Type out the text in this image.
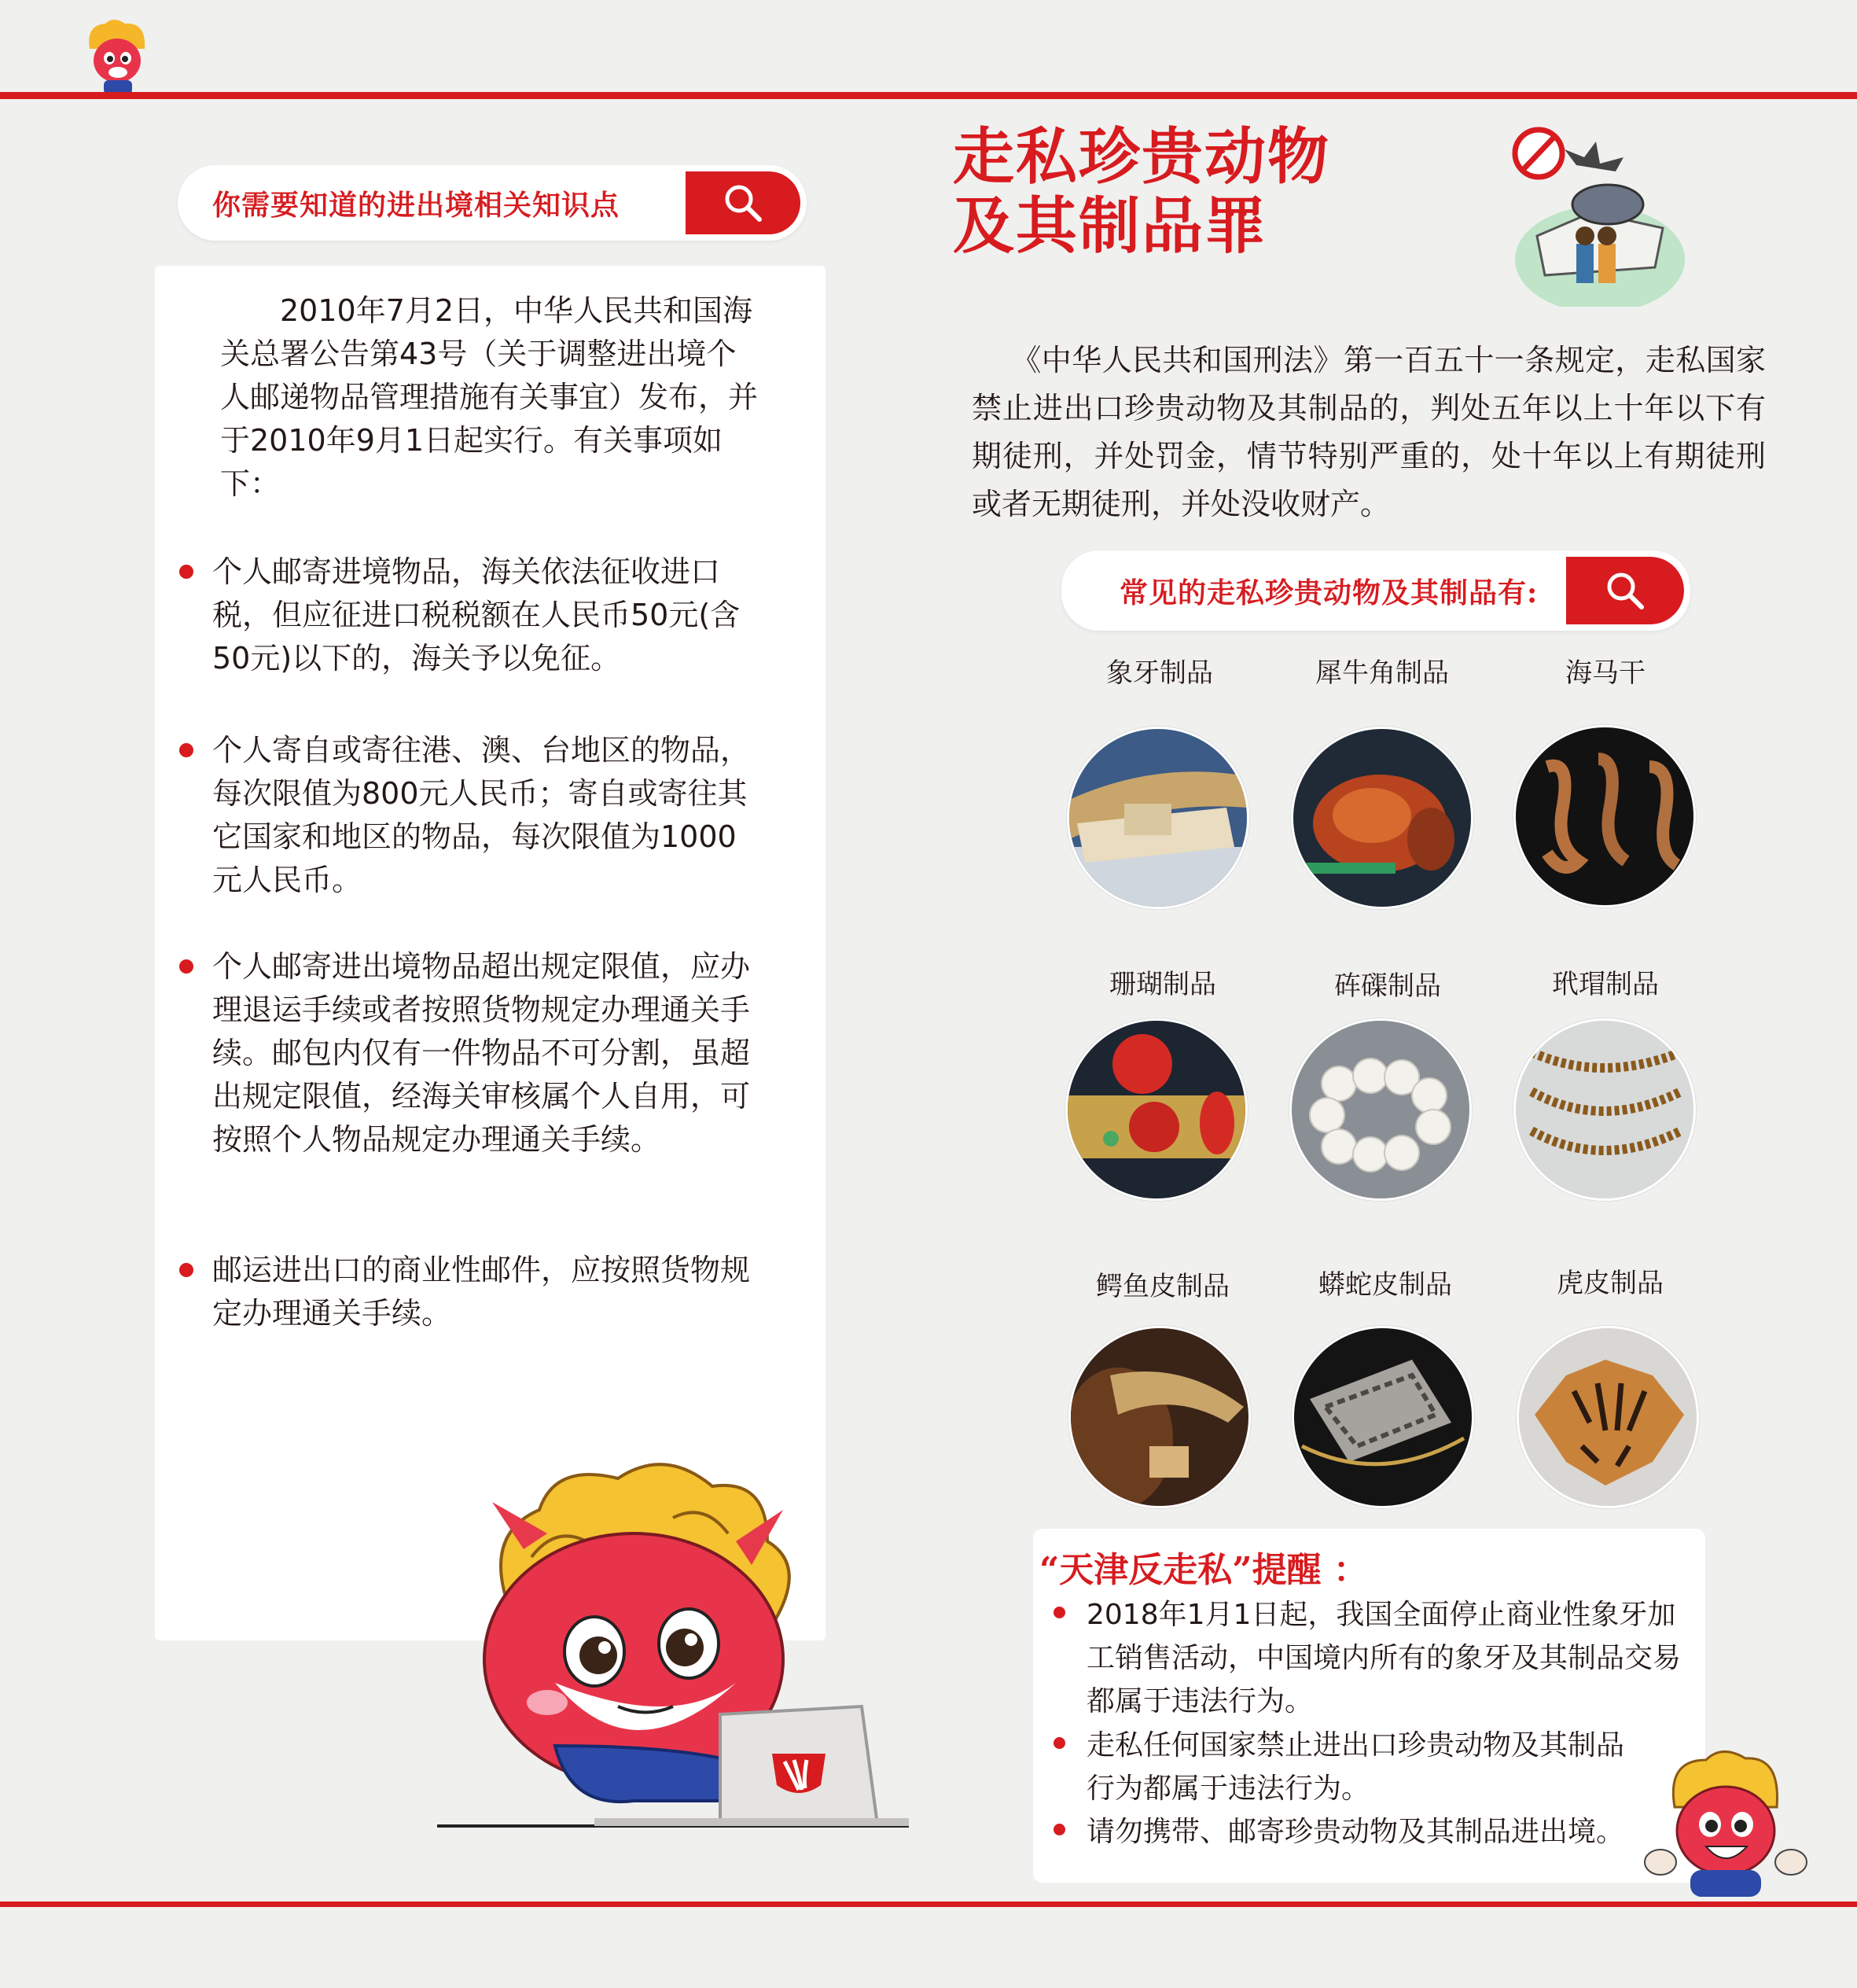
你需要知道的进出境相关知识点
2010年7月2日，中华人民共和国海关总署公告第43号（关于调整进出境个人邮递物品管理措施有关事宜）发布，并于2010年9月1日起实行。有关事项如下：
个人邮寄进境物品，海关依法征收进口税，但应征进口税税额在人民币50元(含50元)以下的，海关予以免征。
个人寄自或寄往港、澳、台地区的物品，每次限值为800元人民币；寄自或寄往其它国家和地区的物品，每次限值为1000元人民币。
个人邮寄进出境物品超出规定限值，应办理退运手续或者按照货物规定办理通关手续。邮包内仅有一件物品不可分割，虽超出规定限值，经海关审核属个人自用，可按照个人物品规定办理通关手续。
邮运进出口的商业性邮件，应按照货物规定办理通关手续。
走私珍贵动物
及其制品罪
《中华人民共和国刑法》第一百五十一条规定，走私国家禁止进出口珍贵动物及其制品的，判处五年以上十年以下有期徒刑，并处罚金，情节特别严重的，处十年以上有期徒刑或者无期徒刑，并处没收财产。
常见的走私珍贵动物及其制品有:
象牙制品	犀牛角制品	海马干
珊瑚制品	砗磲制品	玳瑁制品
鳄鱼皮制品	蟒蛇皮制品	虎皮制品
“天津反走私”提醒 ：
2018年1月1日起，我国全面停止商业性象牙加工销售活动，中国境内所有的象牙及其制品交易都属于违法行为。
走私任何国家禁止进出口珍贵动物及其制品行为都属于违法行为。
请勿携带、邮寄珍贵动物及其制品进出境。
